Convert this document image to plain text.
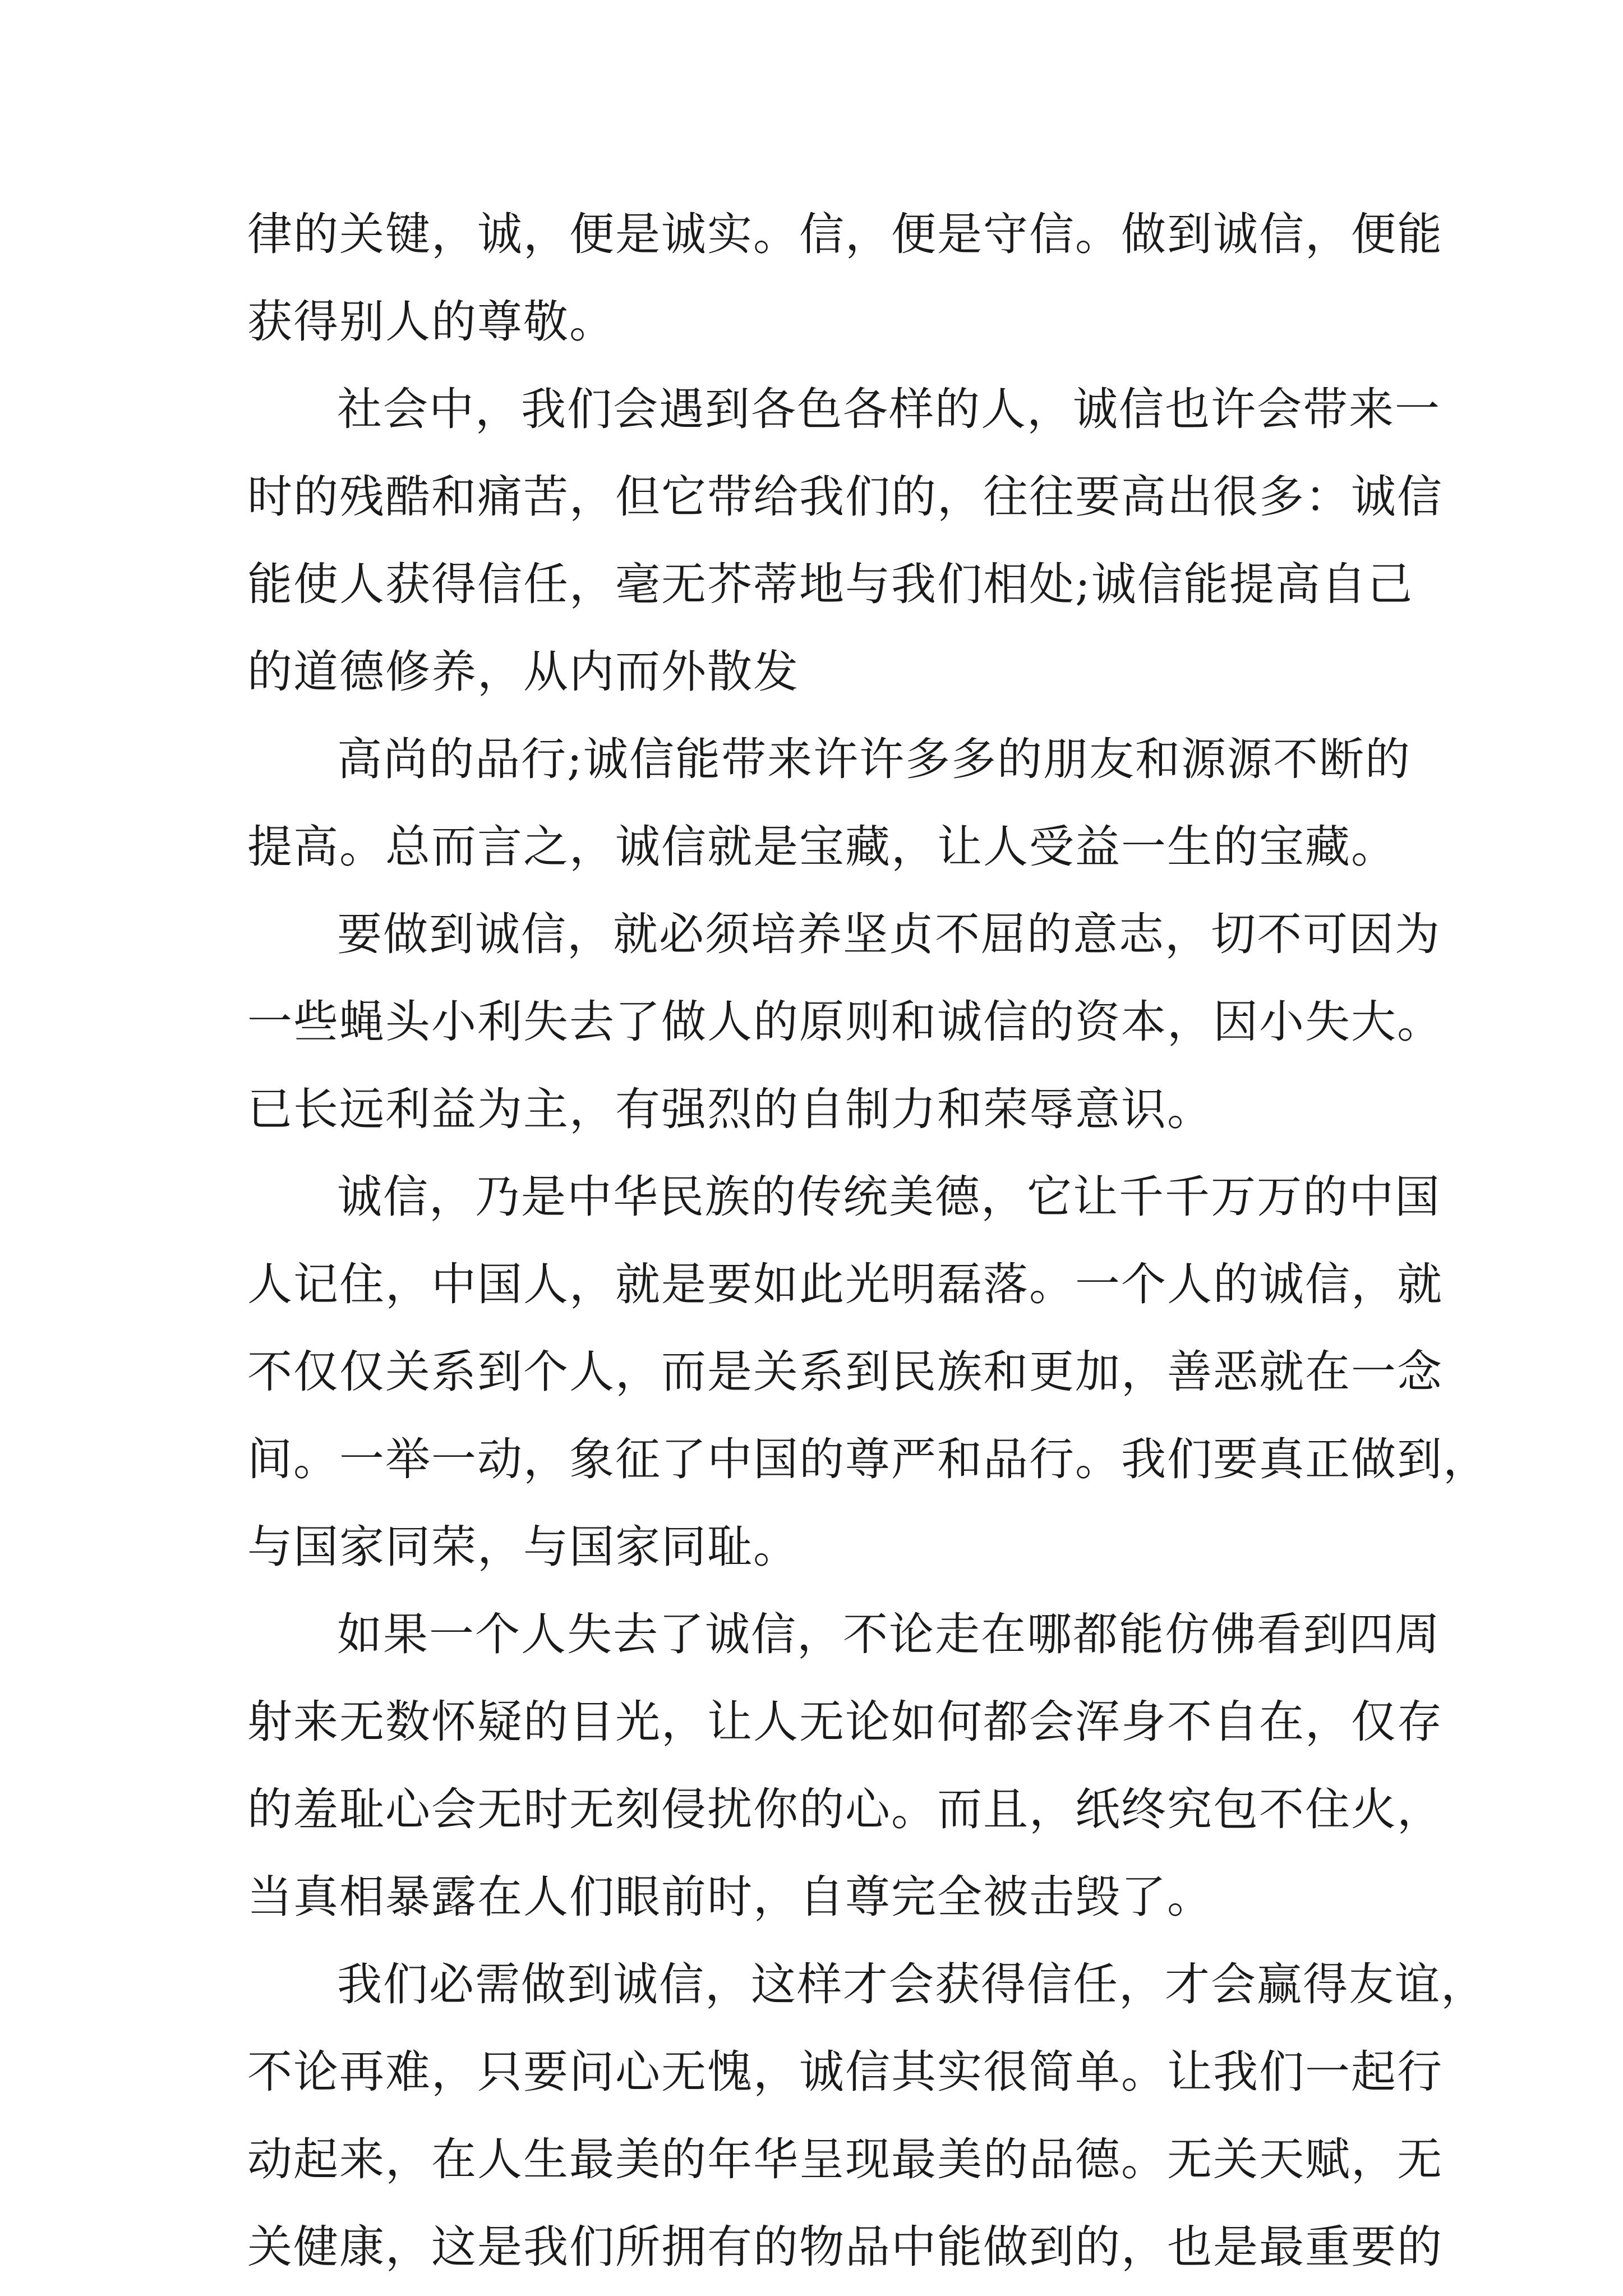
律的关键，诚，便是诚实。信，便是守信。做到诚信，便能
获得别人的尊敬。
社会中，我们会遇到各色各样的人，诚信也许会带来一
时的残酷和痛苦，但它带给我们的，往往要高出很多：诚信
能使人获得信任，毫无芥蒂地与我们相处;诚信能提高自己
的道德修养，从内而外散发
高尚的品行;诚信能带来许许多多的朋友和源源不断的
提高。总而言之，诚信就是宝藏，让人受益一生的宝藏。
要做到诚信，就必须培养坚贞不屈的意志，切不可因为
一些蝇头小利失去了做人的原则和诚信的资本，因小失大。
已长远利益为主，有强烈的自制力和荣辱意识。
诚信，乃是中华民族的传统美德，它让千千万万的中国
人记住，中国人，就是要如此光明磊落。一个人的诚信，就
不仅仅关系到个人，而是关系到民族和更加，善恶就在一念
间。一举一动，象征了中国的尊严和品行。我们要真正做到，
与国家同荣，与国家同耻。
如果一个人失去了诚信，不论走在哪都能仿佛看到四周
射来无数怀疑的目光，让人无论如何都会浑身不自在，仅存
的羞耻心会无时无刻侵扰你的心。而且，纸终究包不住火，
当真相暴露在人们眼前时，自尊完全被击毁了。
我们必需做到诚信，这样才会获得信任，才会赢得友谊，
不论再难，只要问心无愧，诚信其实很简单。让我们一起行
动起来，在人生最美的年华呈现最美的品德。无关天赋，无
关健康，这是我们所拥有的物品中能做到的，也是最重要的
